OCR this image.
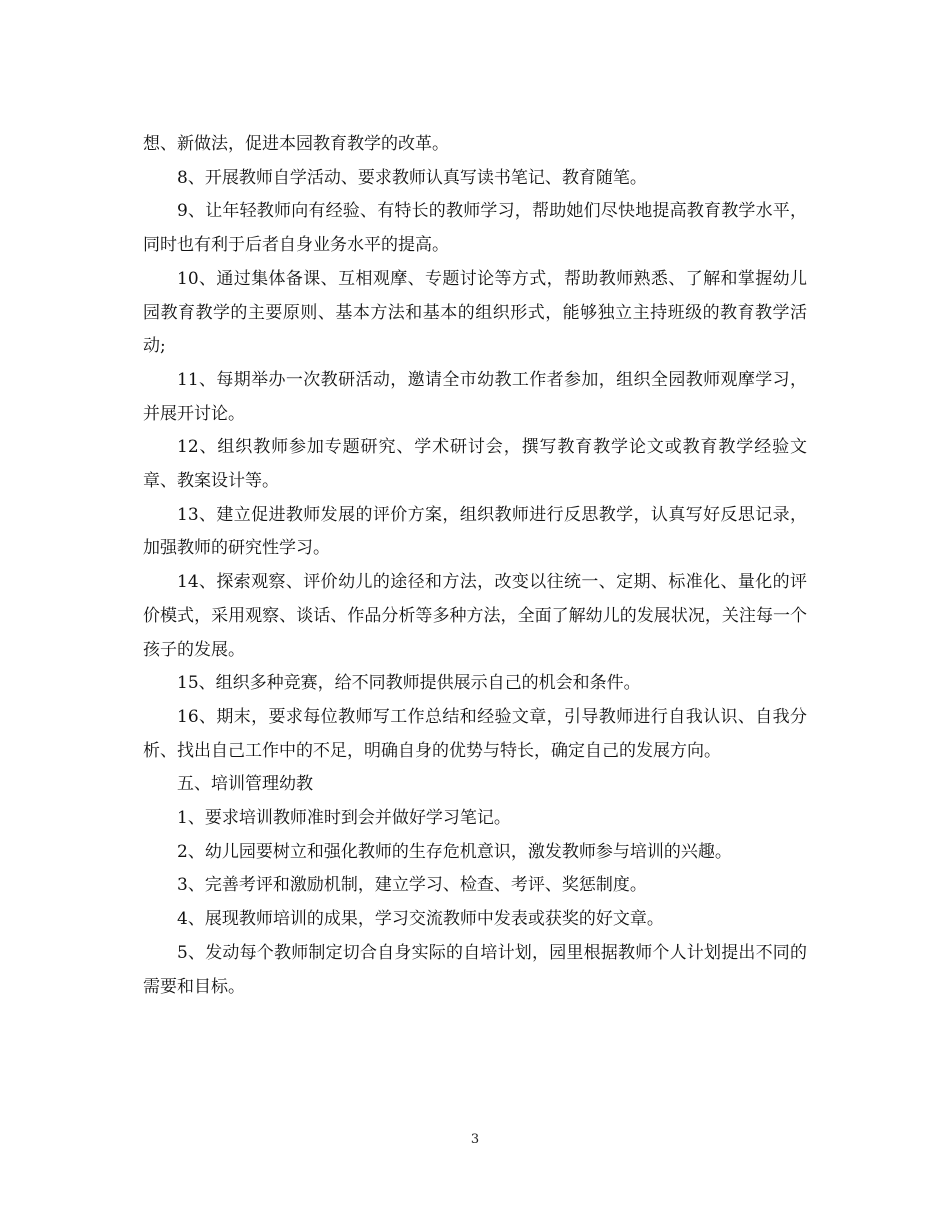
想、新做法，促进本园教育教学的改革。

8、开展教师自学活动、要求教师认真写读书笔记、教育随笔。

9、让年轻教师向有经验、有特长的教师学习，帮助她们尽快地提高教育教学水平，同时也有利于后者自身业务水平的提高。

10、通过集体备课、互相观摩、专题讨论等方式，帮助教师熟悉、了解和掌握幼儿园教育教学的主要原则、基本方法和基本的组织形式，能够独立主持班级的教育教学活动;

11、每期举办一次教研活动，邀请全市幼教工作者参加，组织全园教师观摩学习，并展开讨论。

12、组织教师参加专题研究、学术研讨会，撰写教育教学论文或教育教学经验文章、教案设计等。

13、建立促进教师发展的评价方案，组织教师进行反思教学，认真写好反思记录，加强教师的研究性学习。

14、探索观察、评价幼儿的途径和方法，改变以往统一、定期、标准化、量化的评价模式，采用观察、谈话、作品分析等多种方法，全面了解幼儿的发展状况，关注每一个孩子的发展。

15、组织多种竞赛，给不同教师提供展示自己的机会和条件。

16、期末，要求每位教师写工作总结和经验文章，引导教师进行自我认识、自我分析、找出自己工作中的不足，明确自身的优势与特长，确定自己的发展方向。

五、培训管理幼教

1、要求培训教师准时到会并做好学习笔记。

2、幼儿园要树立和强化教师的生存危机意识，激发教师参与培训的兴趣。

3、完善考评和激励机制，建立学习、检查、考评、奖惩制度。

4、展现教师培训的成果，学习交流教师中发表或获奖的好文章。

5、发动每个教师制定切合自身实际的自培计划，园里根据教师个人计划提出不同的需要和目标。

3
